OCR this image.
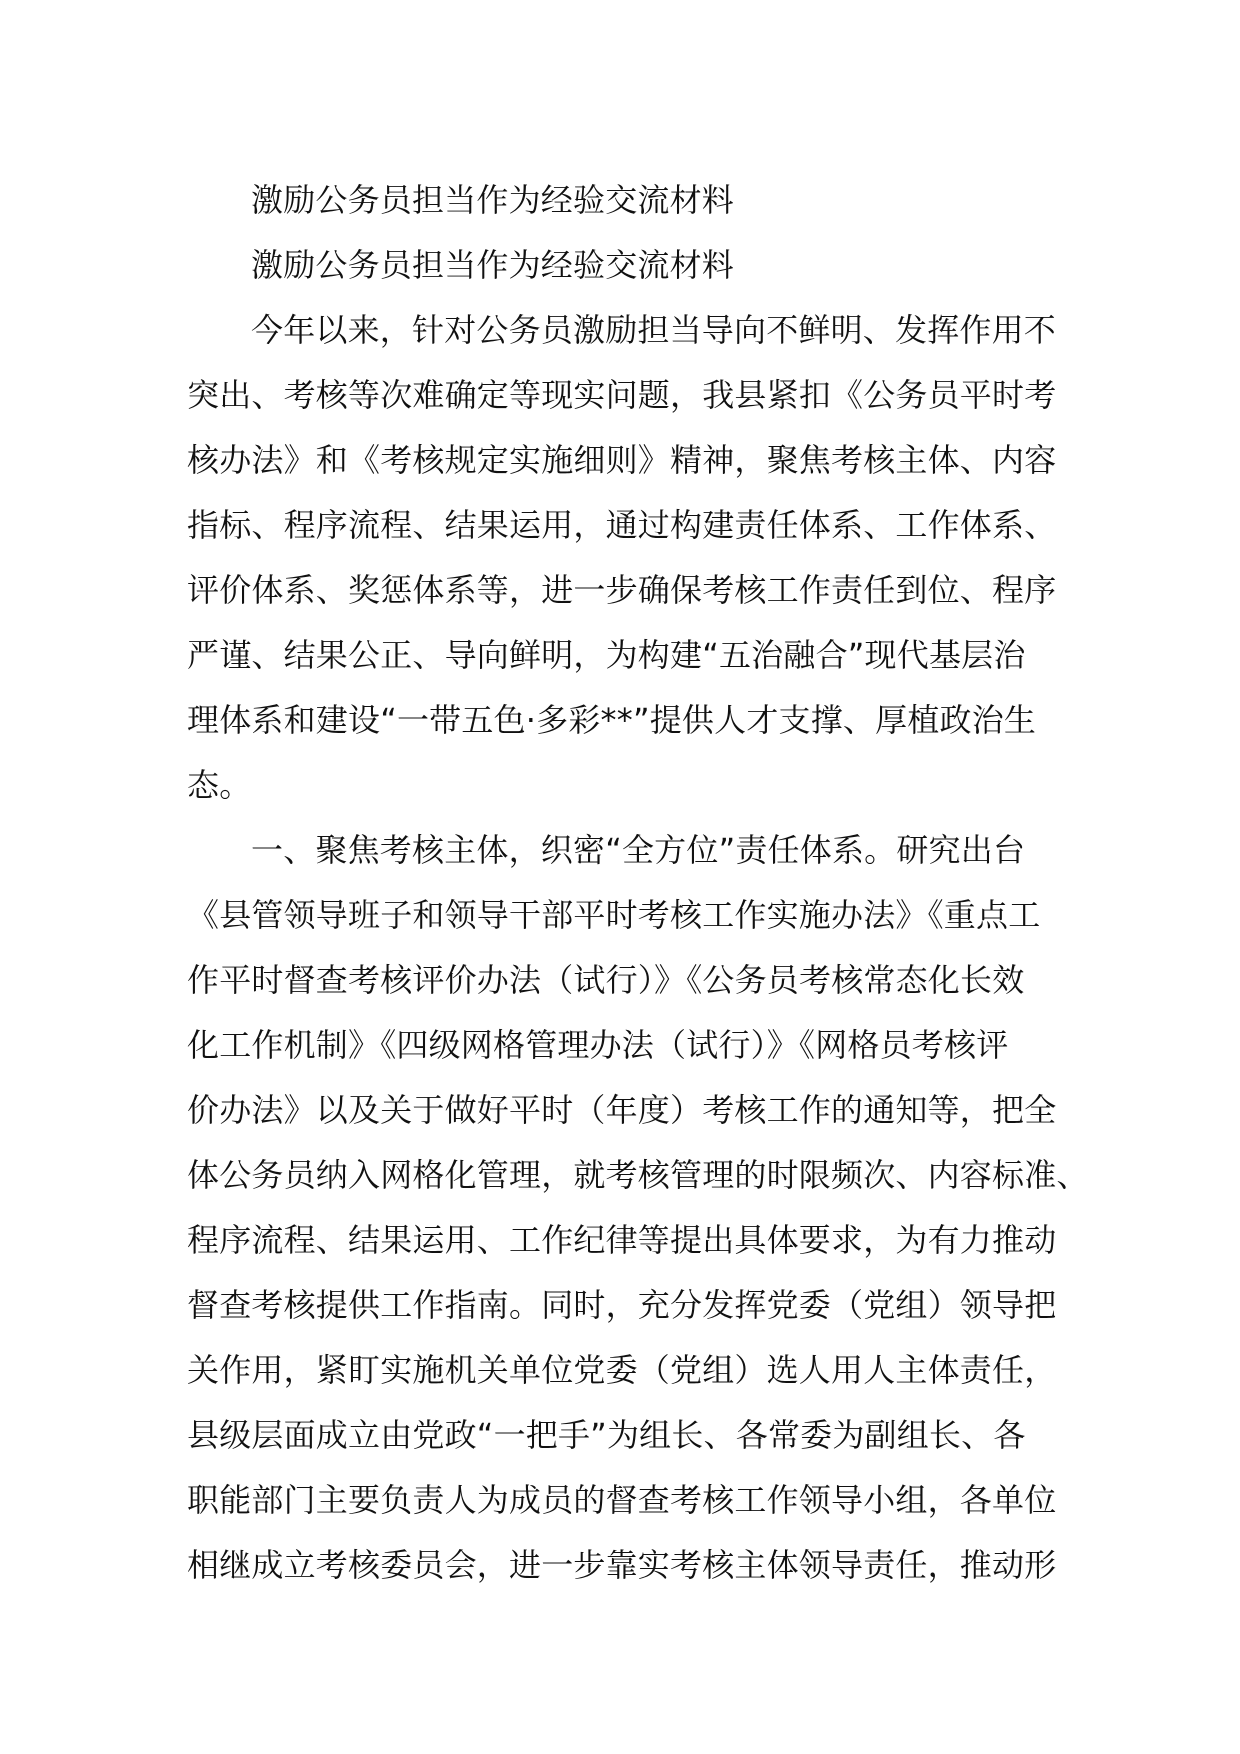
激励公务员担当作为经验交流材料
激励公务员担当作为经验交流材料
今年以来，针对公务员激励担当导向不鲜明、发挥作用不
突出、考核等次难确定等现实问题，我县紧扣《公务员平时考
核办法》和《考核规定实施细则》精神，聚焦考核主体、内容
指标、程序流程、结果运用，通过构建责任体系、工作体系、
评价体系、奖惩体系等，进一步确保考核工作责任到位、程序
严谨、结果公正、导向鲜明，为构建“五治融合”现代基层治
理体系和建设“一带五色·多彩**”提供人才支撑、厚植政治生
态。
一、聚焦考核主体，织密“全方位”责任体系。研究出台
《县管领导班子和领导干部平时考核工作实施办法》《重点工
作平时督查考核评价办法（试行）》《公务员考核常态化长效
化工作机制》《四级网格管理办法（试行）》《网格员考核评
价办法》以及关于做好平时（年度）考核工作的通知等，把全
体公务员纳入网格化管理，就考核管理的时限频次、内容标准、
程序流程、结果运用、工作纪律等提出具体要求，为有力推动
督查考核提供工作指南。同时，充分发挥党委（党组）领导把
关作用，紧盯实施机关单位党委（党组）选人用人主体责任，
县级层面成立由党政“一把手”为组长、各常委为副组长、各
职能部门主要负责人为成员的督查考核工作领导小组，各单位
相继成立考核委员会，进一步靠实考核主体领导责任，推动形
